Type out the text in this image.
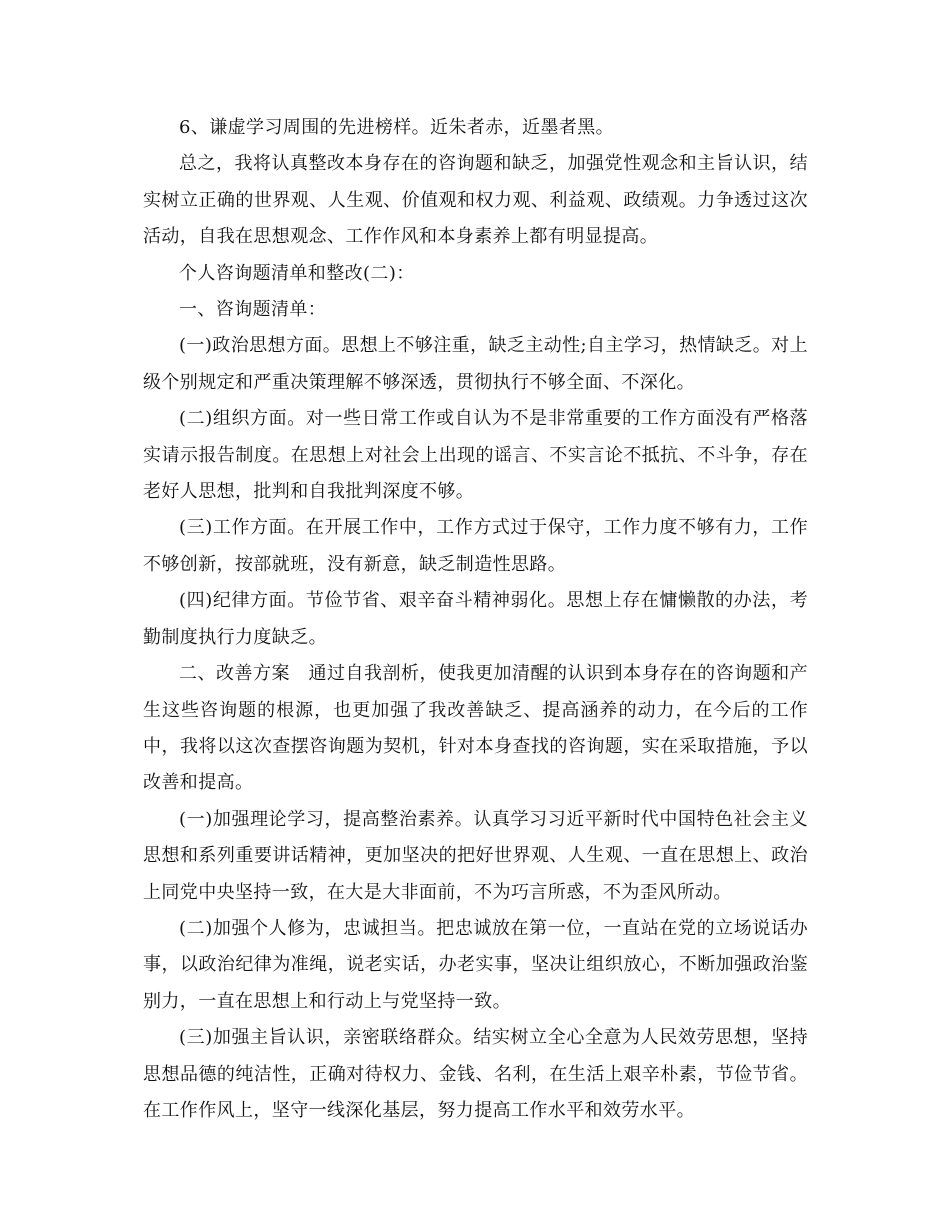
6、谦虚学习周围的先进榜样。近朱者赤，近墨者黑。

总之，我将认真整改本身存在的咨询题和缺乏，加强党性观念和主旨认识，结实树立正确的世界观、人生观、价值观和权力观、利益观、政绩观。力争透过这次活动，自我在思想观念、工作作风和本身素养上都有明显提高。

个人咨询题清单和整改(二)：

一、咨询题清单：

(一)政治思想方面。思想上不够注重，缺乏主动性;自主学习，热情缺乏。对上级个别规定和严重决策理解不够深透，贯彻执行不够全面、不深化。

(二)组织方面。对一些日常工作或自认为不是非常重要的工作方面没有严格落实请示报告制度。在思想上对社会上出现的谣言、不实言论不抵抗、不斗争，存在老好人思想，批判和自我批判深度不够。

(三)工作方面。在开展工作中，工作方式过于保守，工作力度不够有力，工作不够创新，按部就班，没有新意，缺乏制造性思路。

(四)纪律方面。节俭节省、艰辛奋斗精神弱化。思想上存在慵懒散的办法，考勤制度执行力度缺乏。

二、改善方案　通过自我剖析，使我更加清醒的认识到本身存在的咨询题和产生这些咨询题的根源，也更加强了我改善缺乏、提高涵养的动力，在今后的工作中，我将以这次查摆咨询题为契机，针对本身查找的咨询题，实在采取措施，予以改善和提高。

(一)加强理论学习，提高整治素养。认真学习习近平新时代中国特色社会主义思想和系列重要讲话精神，更加坚决的把好世界观、人生观、一直在思想上、政治上同党中央坚持一致，在大是大非面前，不为巧言所惑，不为歪风所动。

(二)加强个人修为，忠诚担当。把忠诚放在第一位，一直站在党的立场说话办事，以政治纪律为准绳，说老实话，办老实事，坚决让组织放心，不断加强政治鉴别力，一直在思想上和行动上与党坚持一致。

(三)加强主旨认识，亲密联络群众。结实树立全心全意为人民效劳思想，坚持思想品德的纯洁性，正确对待权力、金钱、名利，在生活上艰辛朴素，节俭节省。在工作作风上，坚守一线深化基层，努力提高工作水平和效劳水平。
